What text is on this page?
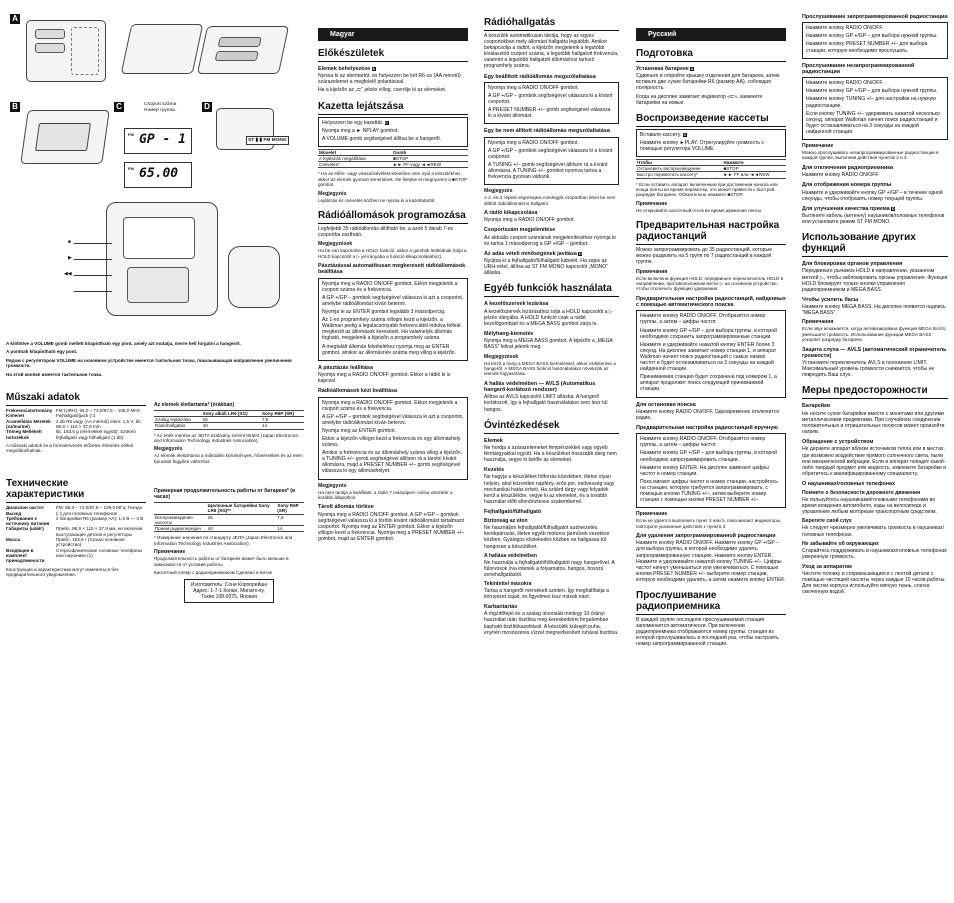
A
B	C	Csoport száma
Номер группы
FM GP - 1
FM 65.00
D
ST ▮ ▮ FM MONO
■
▶
◀◀

A kiöltölve a VOLUME gomb mellett kitapintható egy pont, amely azt mutatja, merre kell forgatni a hangerőt.

A pontnak kitapintható egy pont.

Рядом с регулятором VOLUME на основном устройстве имеется тактильная точка, показывающая направление увеличения громкости.

На этой кнопке имеется тактильная точка.

Műszaki adatok
Frekvenciatartomány Kimenet	FM (URH): 65,0 – 74,0/87,5 – 108,0 MHz Fejhallgató(jack (□)
Áramellátás Méretek (sz/ma/mé)	2 db R6 vagy (AA méretű) elem: 1,5 V; kb. 88,9 × 115 × 37,9 mm
Tömeg Mellékelt tartozékok	kb. 163,6 g (elemekkel együtt); Sztereó fejhallgató vagy fülhallgató (1 db)

A műszaki adatok és a formatervezés előzetes értesítés nélkül megváltozhatnak.

Az elemek élettartama* (órákban)
	Sony alkáli LR6 (SG)	Sony R6P (SR)
Szalag lejátszása	25	7,5
Rádióhallgatás	40	14

* Az érték mérése az JEITA szabvány szerint történt (Japan Electronics and Information Technology Industries Association).

Megjegyzés

Az elemek élettartama a működési körülmények, hőmérséklet és az elem típusától függően változhat.

Технические характеристики
Диапазон частот Выход	FM: 65,0 – 74,0/87,5 – 108,0 МГц; Гнездо (□) для головных телефонов
Требования к источнику питания	2 батарейки R6 (размер AA): 1,5 В — 3 В
Габариты (ш/в/г)	Прибл. 88,9 × 115 × 37,9 мм, не включая выступающие детали и регуляторы
Масса	Прибл. 163,6 г (только основное устройство)
Входящие в комплект принадлежности	Стереофонические головные телефоны или наушники (1)

Конструкция и характеристики могут изменяться без предварительного уведомления.

Примерная продолжительность работы от батареек* (в часах)
	Щелочные батарейки Sony LR6 (SG)**	Sony R6P (SR)
Воспроизведение кассеты	25	7,5
Прием радиопередач	40	14

* Измерение значения по стандарту JEITA (Japan Electronics and Information Technology Industries Association).

Примечание

Продолжительность работы от батареек может быть меньше в зависимости от условий работы.

Кассетный плеер с радиоприемником Сделано в Китае

Изготовитель: Сони Корпорейшн
Адрес: 1-7-1 Конан, Минато-ку,
Токио 108-0075, Япония
Magyar
Előkészületek
Elemek behelyezése A

Nyissa ki az elemtartót, és helyezzen be két R6-os (AA méretű) szárazelemet a megfelelő polaritással.

Ha a kijelzőn az „⊏” jelzés villog, cserélje ki az elemeket.

Kazetta lejátszása

Helyezzen be egy kazettát. B

Nyomja meg a ► NPLAY gombot.

A VOLUME gomb segítségével állítsa be a hangerőt.

Művelet	Gomb
A lejátszás megállítása	■STOP
Csévélés*	►► FF vagy ◄◄REW

* Ha az előre- vagy visszacsévélést követően nem nyúl a készülékhez, akkor az elemek gyorsan lemerülnek. Ne felejtse el megnyomni a ■STOP gombot.

Megjegyzés

Lejátszás és csévélés közben ne nyissa ki a kazettatartót.

Rádióállomások programozása

Legfeljebb 35 rádióállomás állítható be, a azok 5 darab 7-es csoportba osztható.

Megjegyzések

Ha be van kapcsolva a HOLD funkció, akkor a gombok letiltódnak (tolja a HOLD kapcsolót a ▷ jel irányába a funkció kikapcsolásához).

Pásztázással automatikusan megkeresett rádióállomások beállítása

Nyomja meg a RADIO ON/OFF gombot. Ekkor megjelenik a csoport száma és a frekvencia.

A GP +/GP – gombok segítségével válassza ki azt a csoportot, amelybe rádióállomást kíván betenni.

Nyomja le az ENTER gombot legalább 3 másodpercig.

Az 1-es programhely száma villogni kezd a kijelzőn, a Walkman pedig a legalacsonyabb frekvenciától indulva felfelé megkezdi az állomások keresését. Ha valamelyik állomás fogható, megjelenik a kijelzőn a programhely száma.

A megtalált állomás felvételéhez nyomja meg az ENTER gombot, amikor az állomásnév száma meg villog a kijelzőn.

A pásztázás leállítása

Nyomja meg a RADIO ON/OFF gombot. Ekkor a rádió ki is kapcsol.

Rádióállomások kézi beállítása

Nyomja meg a RADIO ON/OFF gombot. Ekkor megjelenik a csoport száma és a frekvencia.

A GP +/GP – gombok segítségével válassza ki azt a csoportot, amelybe rádióállomást kíván betenni.

Nyomja meg az ENTER gombot.

Ekkor a kijelzőn villogni kezd a frekvencia és egy állomáshely száma.

Amikor a frekvencia és az állomáshely száma villog a kijelzőn, a TUNING +/– gomb segítségével állítson rá a tárolni kívánt állomásra, majd a PRESET NUMBER +/– gomb segítségével válassza ki egy állomáshelyet.

Megjegyzés

Ha nem tárolja a beállítást, a rádió 7 másodperc múlva visszatér a korábbi állapothoz.

Tárolt állomás törlése

Nyomja meg a RADIO ON/OFF gombot. A GP +/GP – gombok segítségével válassza ki a törölni kívánt rádióállomást tartalmazó csoportot. Nyomja meg az ENTER gombot. Ekkor a kijelzőn villogni kezd a frekvencia. Nyomja meg a PRESET NUMBER +/– gombot, majd az ENTER gombot.

Rádióhallgatás

A készülék automatikusan tárolja, hogy az egyes csoportokban mely állomást hallgatta legutóbb. Amikor bekapcsolja a rádiót, a kijelzőn megjelenik a legutóbb kiválasztott csoport száma, a legutóbb hallgatott frekvencia, valamint a legutóbb hallgatott állomáshoz tartozó programhely száma.

Egy beállított rádióállomás megszólaltatása

Nyomja meg a RADIO ON/OFF gombot.

A GP +/GP – gombok segítségével válassza ki a kívánt csoportot.

A PRESET NUMBER +/– gomb segítségével válassza ki a kívánt állomást.

Egy be nem állított rádióállomás megszólaltatása

Nyomja meg a RADIO ON/OFF gombot.

A GP +/GP – gombok segítségével válassza ki a kívánt csoportot.

A TUNING +/– gomb segítségével állítson rá a kívánt állomásra. A TUNING +/– gombot nyomva tartva a frekvencia gyorsan változik.

Megjegyzés

A 2. és 3. lépést végrehajtva mindegyik csoportban lehet be nem állított rádióállomást is hallgatni.

A rádió kikapcsolása

Nyomja meg a RADIO ON/OFF gombot.

Csoportszám megjelenítése

Az aktuális csoport számának megjelenítéséhez nyomja le és tartsa 1 másodpercig a GP +/GP – gombot.

Az adás vételi minőségének javítása D

Nyújtsa ki a fejhallgató/fülhallgató kábelét. Ha zajos az URH-vétel, állítsa az ST FM MONO kapcsolót „MONO” állásba.

Egyéb funkciók használata
A kezelőszervek lezárása

A kezelőszervek lezárásához tolja a HOLD kapcsolót a ▷ jelzés irányába. A HOLD funkció csak a rádió kezelőgombjait és a MEGA BASS gombot zárja le.

Mélyhang-kiemelés

Nyomja meg a MEGA BASS gombot. A kijelzőn a „MEGA BASS” felirat jelenik meg.

Megjegyzések

Ha torzít a hang a MEGA BASS kiemeléssel, akkor csökkentse a hangerőt. A MEGA BASS funkció használatakor növekszik az elemek fogyasztása.

A hallás védelmében — AVLS (Automatikus hangerő-korlátozó rendszer)

Állítsa az AVLS kapcsolót LIMIT állásba. A hangerő korlátozott, így a fejhallgató használatakor sem lesz túl hangos.

Óvintézkedések
Elemek

Ne hordja a szárazelemeket fémpénzekkel vagy egyéb fémtárgyakkal együtt. Ha a készüléket hosszabb ideig nem használja, vegye ki belőle az elemeket.

Kezelés

Ne hagyja a készüléket hőforrás közelében, illetve olyan helyen, ahol közvetlen napfény, erős por, nedvesség vagy mechanikai hatás érheti. Ha szilárd tárgy vagy folyadék kerül a készülékbe, vegye ki az elemeket, és a további használat előtt ellenőriztesse szakemberrel.

Fejhallgató/fülhallgató
Biztonság az úton

Ne használjon fejhallgatót/fülhallgatót autóvezetés, kerékpározás, illetve egyéb motoros járművek vezetése közben. Gyalogos közlekedés közben se hallgassa túl hangosan a készüléket.

A hallása védelmében

Ne használja a fejhallgatót/fülhallgatót nagy hangerővel. A fülorvosok óva intenek a folyamatos, hangos, hosszú zenehallgatástól.

Tekintettel másokra

Tartsa a hangerőt mérsékelt szinten. Így meghallhatja a környezet zajait, és figyelmes lesz mások iránt.

Karbantartás

A rögzítőfejet és a szalag útvonalát mintegy 10 órányi használat után tisztítsa meg kereskedelmi forgalomban kapható tisztítókazettával. A készülék külsejét puha, enyhén mosószeres vízzel megnedvesített ruhával tisztítsa.

Русский
Подготовка
Установка батареек A

Сдвиньте и откройте крышку отделения для батареек, затем вставьте две сухие батарейки R6 (размер AA), соблюдая полярность.

Когда на дисплее замигает индикатор «⊏», замените батарейки на новые.

Воспроизведение кассеты

Вставьте кассету. B

Нажмите кнопку ►PLAY. Отрегулируйте громкость с помощью регулятора VOLUME.

Чтобы	Нажмите
Остановить воспроизведение	■STOP
Быстро перемотать кассету*	►► FF или ◄◄REW

* Если оставить аппарат включенным при достижении начала или конца ленты во время перемотки, это может привести к быстрой разрядке батареек. Обязательно нажмите ■STOP.

Примечание

Не открывайте кассетный отсек во время движения ленты.

Предварительная настройка радиостанций

Можно запрограммировать до 35 радиостанций, которые можно разделить на 5 групп по 7 радиостанций в каждой группе.

Примечания

Если включена функция HOLD, передвиньте переключатель HOLD в направлении, противоположном метке ▷ на основном устройстве, чтобы отключить функцию удержания.

Предварительная настройка радиостанций, найденных с помощью автоматического поиска

Нажмите кнопку RADIO ON/OFF. Отобразятся номер группы, а затем – цифры частот.

Нажмите кнопку GP +/GP – для выбора группы, в которой необходимо сохранить запрограммированные станции.

Нажмите и удерживайте нажатой кнопку ENTER более 3 секунд. На дисплее замигает номер станции 1, и аппарат Walkman начнет поиск радиостанций с самых низких частот и будет останавливаться на 3 секунды на каждой найденной станции.

Принимаемая станция будет сохранена под номером 1, а аппарат продолжит поиск следующей принимаемой станции.

Для остановки поиска

Нажмите кнопку RADIO ON/OFF. Одновременно отключится радио.

Предварительная настройка радиостанций вручную

Нажмите кнопку RADIO ON/OFF. Отобразятся номер группы, а затем – цифры частот.

Нажмите кнопку GP +/GP – для выбора группы, в которой необходимо запрограммировать станции.

Нажмите кнопку ENTER. На дисплее замигают цифры частот и номер станции.

Пока мигают цифры частот и номер станции, настройтесь на станцию, которую требуется запрограммировать, с помощью кнопки TUNING +/–, затем выберите номер станции с помощью кнопки PRESET NUMBER +/–.

Примечание

Если не удается выполнить пункт 4 или 5, пока мигают индикаторы, повторите указанные действия с пункта 3.

Для удаления запрограммированной радиостанции

Нажмите кнопку RADIO ON/OFF. Нажмите кнопку GP +/GP – для выбора группы, в которой необходимо удалить запрограммированную станцию. Нажмите кнопку ENTER. Нажмите и удерживайте нажатой кнопку TUNING +/–. Цифры частот начнут уменьшаться или увеличиваться. С помощью кнопки PRESET NUMBER +/– выберите номер станции, которую необходимо удалить, а затем нажмите кнопку ENTER.

Прослушивание радиоприемника

В каждой группе последняя прослушиваемая станция запоминается автоматически. При включении радиоприемника отображаются номер группы, станция из которой прослушивалась в последний раз, чтобы настроить номер запрограммированной станции.

Прослушивание запрограммированной радиостанции

Нажмите кнопку RADIO ON/OFF.

Нажмите кнопку GP +/GP – для выбора нужной группы.

Нажмите кнопку PRESET NUMBER +/– для выбора станции, которую необходимо прослушать.

Прослушивание незапрограммированной радиостанции

Нажмите кнопку RADIO ON/OFF.

Нажмите кнопку GP +/GP – для выбора нужной группы.

Нажмите кнопку TUNING +/– для настройки на нужную радиостанцию.

Если кнопку TUNING +/– удерживать нажатой несколько секунд, аппарат Walkman начнет поиск радиостанций и будет останавливаться на 3 секунды на каждой найденной станции.

Примечание

Можно прослушивать незапрограммированные радиостанции в каждой группе, выполнив действия пунктов 2 и 3.

Для отключения радиоприемника

Нажмите кнопку RADIO ON/OFF.

Для отображения номера группы

Нажмите и удерживайте кнопку GP +/GP – в течение одной секунды, чтобы отобразить номер текущей группы.

Для улучшения качества приема D

Вытяните кабель (антенну) наушников/головных телефонов или установите режим ST FM MONO.

Использование других функций
Для блокировки органов управления

Передвиньте рычажок HOLD в направлении, указанном меткой ▷, чтобы заблокировать органы управления. Функция HOLD блокирует только кнопки управления радиоприемником и MEGA BASS.

Чтобы усилить басы

Нажмите кнопку MEGA BASS. На дисплее появится надпись "MEGA BASS".

Примечания

Если звук искажается, когда активизирована функция MEGA BASS, уменьшите громкость. Использование функции MEGA BASS ускоряет разрядку батареек.

Защита слуха — AVLS (автоматический ограничитель громкости)

Установите переключатель AVLS в положение LIMIT. Максимальный уровень громкости снижается, чтобы не повредить Ваш слух.

Меры предосторожности
Батарейки

Не носите сухие батарейки вместе с монетами или другими металлическими предметами. При случайном соединении положительных и отрицательных полюсов может произойти нагрев.

Обращение с устройством

Не держите аппарат вблизи источников тепла или в местах, где возможно воздействие прямого солнечного света, пыли или механической вибрации. Если в аппарат попадет какой-либо твердый предмет или жидкость, извлеките батарейки и обратитесь к квалифицированному специалисту.

О наушниках/головных телефонах
Помните о безопасности дорожного движения

Не пользуйтесь наушниками/головными телефонами во время вождения автомобиля, езды на велосипеде и управления любым моторным транспортным средством.

Берегите свой слух

Не следует чрезмерно увеличивать громкость в наушниках/головных телефонах.

Не забывайте об окружающих

Старайтесь поддерживать в наушниках/головных телефонах умеренную громкость.

Уход за аппаратом

Чистите головку и соприкасающиеся с лентой детали с помощью чистящей кассеты через каждые 10 часов работы. Для чистки корпуса используйте мягкую ткань, слегка смоченную водой.
